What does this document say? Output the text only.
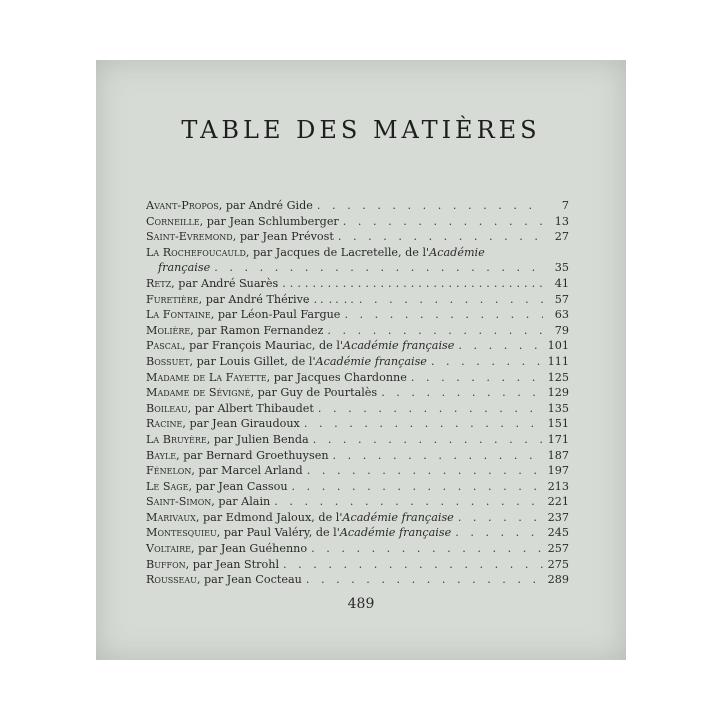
TABLE DES MATIÈRES
Avant-Propos, par André Gide . . .	7
Corneille, par Jean Schlumberger . . .	13
Saint-Evremond, par Jean Prévost . . .	27
La Rochefoucauld, par Jacques de Lacretelle, de l'Académie
française . . .	35
Retz, par André Suarès . . .	41
Furetière, par André Thérive . . .	57
La Fontaine, par Léon-Paul Fargue . . .	63
Molière, par Ramon Fernandez . . .	79
Pascal, par François Mauriac, de l'Académie française . . .	101
Bossuet, par Louis Gillet, de l'Académie française . . .	111
Madame de La Fayette, par Jacques Chardonne . . .	125
Madame de Sévigné, par Guy de Pourtalès . . .	129
Boileau, par Albert Thibaudet . . .	135
Racine, par Jean Giraudoux . . .	151
La Bruyère, par Julien Benda . . .	171
Bayle, par Bernard Groethuysen . . .	187
Fénelon, par Marcel Arland . . .	197
Le Sage, par Jean Cassou . . .	213
Saint-Simon, par Alain . . .	221
Marivaux, par Edmond Jaloux, de l'Académie française . . .	237
Montesquieu, par Paul Valéry, de l'Académie française . . .	245
Voltaire, par Jean Guéhenno . . .	257
Buffon, par Jean Strohl . . .	275
Rousseau, par Jean Cocteau . . .	289
489
